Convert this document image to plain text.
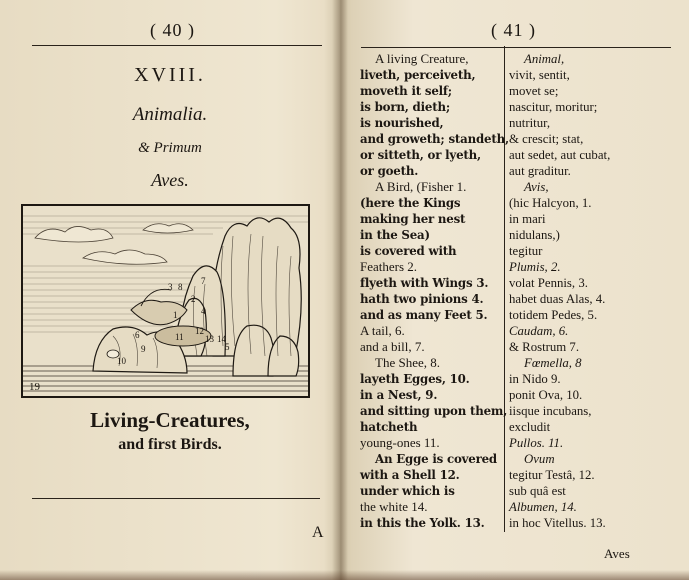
( 40 )
XVIII.
Animalia.
& Primum
Aves.
3 8
7
1	4
6	11
12
13 14
5
9
10
2
19
Living-Creatures,
and first Birds.
A
( 41 )
A living Creature,
liveth, perceiveth,
moveth it self;
is born, dieth;
is nourished,
and groweth; standeth,
or sitteth, or lyeth,
or goeth.
A Bird, (Fisher 1.
(here the Kings
making her nest
in the Sea)
is covered with
Feathers 2.
flyeth with Wings 3.
hath two pinions 4.
and as many Feet 5.
A tail, 6.
and a bill, 7.
The Shee, 8.
layeth Egges, 10.
in a Nest, 9.
and sitting upon them,
hatcheth
young-ones 11.
An Egge is covered
with a Shell 12.
under which is
the white 14.
in this the Yolk. 13.
Animal,
vivit, sentit,
movet se;
nascitur, moritur;
nutritur,
& crescit; stat,
aut sedet, aut cubat,
aut graditur.
Avis,
(hic Halcyon, 1.
in mari
nidulans,)
tegitur
Plumis, 2.
volat Pennis, 3.
habet duas Alas, 4.
totidem Pedes, 5.
Caudam, 6.
& Rostrum 7.
Fœmella, 8
in Nido 9.
ponit Ova, 10.
iisque incubans,
excludit
Pullos. 11.
Ovum
tegitur Testâ, 12.
sub quâ est
Albumen, 14.
in hoc Vitellus. 13.
Aves
